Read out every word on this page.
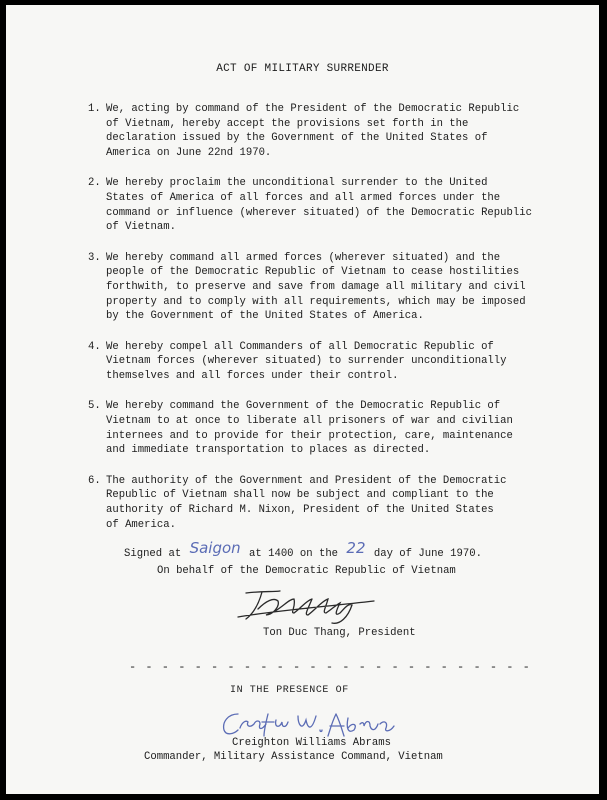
ACT OF MILITARY SURRENDER
1. We, acting by command of the President of the Democratic Republic
of Vietnam, hereby accept the provisions set forth in the
declaration issued by the Government of the United States of
America on June 22nd 1970.
2. We hereby proclaim the unconditional surrender to the United
States of America of all forces and all armed forces under the
command or influence (wherever situated) of the Democratic Republic
of Vietnam.
3. We hereby command all armed forces (wherever situated) and the
people of the Democratic Republic of Vietnam to cease hostilities
forthwith, to preserve and save from damage all military and civil
property and to comply with all requirements, which may be imposed
by the Government of the United States of America.
4. We hereby compel all Commanders of all Democratic Republic of
Vietnam forces (wherever situated) to surrender unconditionally
themselves and all forces under their control.
5. We hereby command the Government of the Democratic Republic of
Vietnam to at once to liberate all prisoners of war and civilian
internees and to provide for their protection, care, maintenance
and immediate transportation to places as directed.
6. The authority of the Government and President of the Democratic
Republic of Vietnam shall now be subject and compliant to the
authority of Richard M. Nixon, President of the United States
of America.
Signed at Saigon at 1400 on the 22 day of June 1970.
On behalf of the Democratic Republic of Vietnam
Ton Duc Thang, President
- - - - - - - - - - - - - - - - - - - - - - - - -
IN THE PRESENCE OF
Creighton Williams Abrams
Commander, Military Assistance Command, Vietnam
